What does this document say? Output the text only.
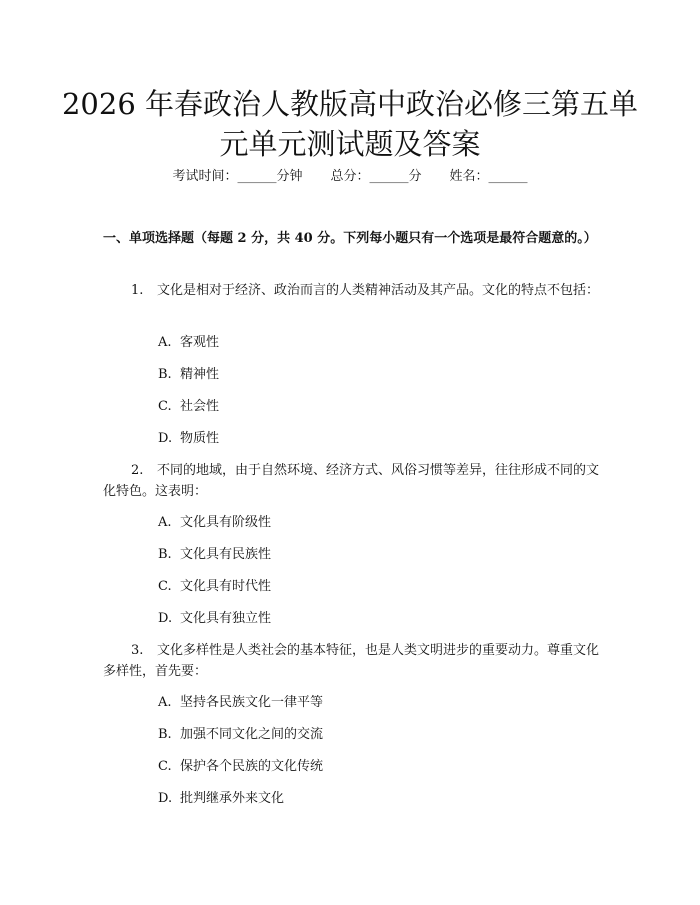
2026 年春政治人教版高中政治必修三第五单
元单元测试题及答案
考试时间：______分钟 总分：______分 姓名：______
一、单项选择题（每题 2 分，共 40 分。下列每小题只有一个选项是最符合题意的。）
1. 文化是相对于经济、政治而言的人类精神活动及其产品。文化的特点不包括：
A. 客观性
B. 精神性
C. 社会性
D. 物质性
2. 不同的地域，由于自然环境、经济方式、风俗习惯等差异，往往形成不同的文化特色。这表明：
A. 文化具有阶级性
B. 文化具有民族性
C. 文化具有时代性
D. 文化具有独立性
3. 文化多样性是人类社会的基本特征，也是人类文明进步的重要动力。尊重文化多样性，首先要：
A. 坚持各民族文化一律平等
B. 加强不同文化之间的交流
C. 保护各个民族的文化传统
D. 批判继承外来文化
